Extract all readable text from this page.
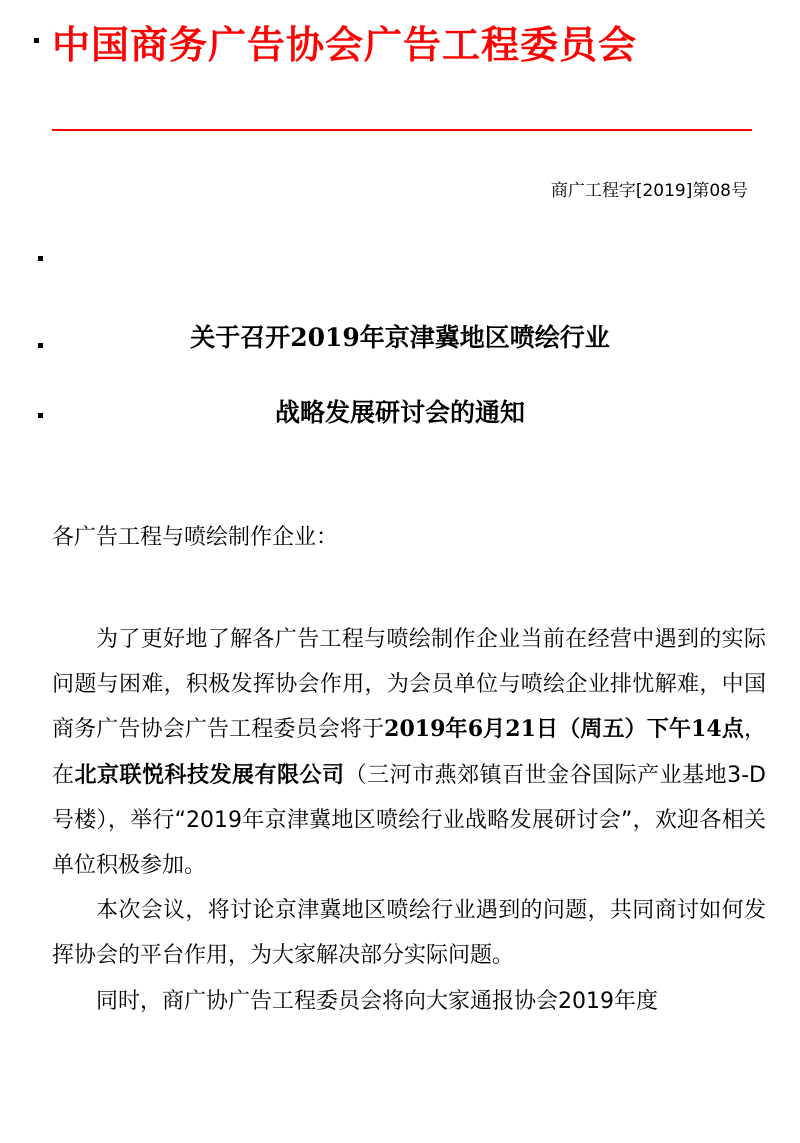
中国商务广告协会广告工程委员会
商广工程字[2019]第08号
关于召开2019年京津冀地区喷绘行业
战略发展研讨会的通知
各广告工程与喷绘制作企业：

为了更好地了解各广告工程与喷绘制作企业当前在经营中遇到的实际问题与困难，积极发挥协会作用，为会员单位与喷绘企业排忧解难，中国商务广告协会广告工程委员会将于2019年6月21日（周五）下午14点，在北京联悦科技发展有限公司（三河市燕郊镇百世金谷国际产业基地3-D号楼），举行“2019年京津冀地区喷绘行业战略发展研讨会”，欢迎各相关单位积极参加。

本次会议，将讨论京津冀地区喷绘行业遇到的问题，共同商讨如何发挥协会的平台作用，为大家解决部分实际问题。

同时，商广协广告工程委员会将向大家通报协会2019年度
